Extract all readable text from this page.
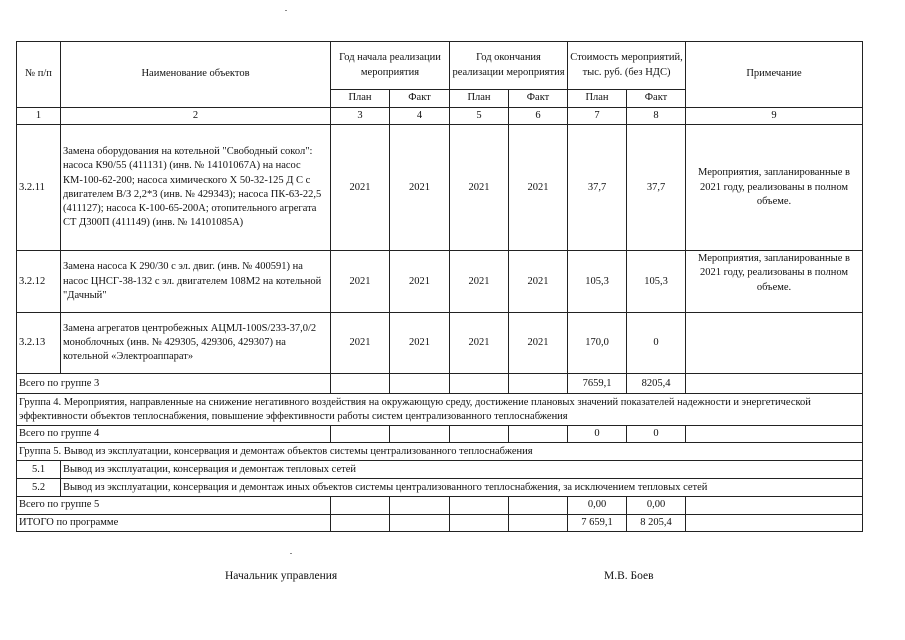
№ п/п	Наименование объектов	Год начала реализации мероприятия		Год окончания реализации мероприятия		Стоимость мероприятий, тыс. руб. (без НДС)		Примечание
		План	Факт	План	Факт	План	Факт	
1	2	3	4	5	6	7	8	9
3.2.11	Замена оборудования на котельной "Свободный сокол": насоса К90/55 (411131) (инв. № 14101067А) на насос КМ-100-62-200; насоса химического Х 50-32-125 Д С с двигателем В/З 2,2*3 (инв. № 429343); насоса ПК-63-22,5 (411127); насоса К-100-65-200А; отопительного агрегата СТ Д300П (411149) (инв. № 14101085А)	2021	2021	2021	2021	37,7	37,7	Мероприятия, запланированные в 2021 году, реализованы в полном объеме.
3.2.12	Замена насоса К 290/30 с эл. двиг. (инв. № 400591) на насос ЦНСГ-38-132 с эл. двигателем 108М2 на котельной "Дачный"	2021	2021	2021	2021	105,3	105,3	Мероприятия, запланированные в 2021 году, реализованы в полном объеме.
3.2.13	Замена агрегатов центробежных АЦМЛ-100S/233-37,0/2 моноблочных (инв. № 429305, 429306, 429307) на котельной «Электроаппарат»	2021	2021	2021	2021	170,0	0	
Всего по группе 3						7659,1	8205,4	
Группа 4. Мероприятия, направленные на снижение негативного воздействия на окружающую среду, достижение плановых значений показателей надежности и энергетической эффективности объектов теплоснабжения, повышение эффективности работы систем централизованного теплоснабжения								
Всего по группе 4						0	0	
Группа 5. Вывод из эксплуатации, консервация и демонтаж объектов системы централизованного теплоснабжения								
5.1	Вывод из эксплуатации, консервация и демонтаж тепловых сетей							
5.2	Вывод из эксплуатации, консервация и демонтаж иных объектов системы централизованного теплоснабжения, за исключением тепловых сетей							
Всего по группе 5						0,00	0,00	
ИТОГО по программе						7 659,1	8 205,4	
Начальник управления	М.В. Боев
